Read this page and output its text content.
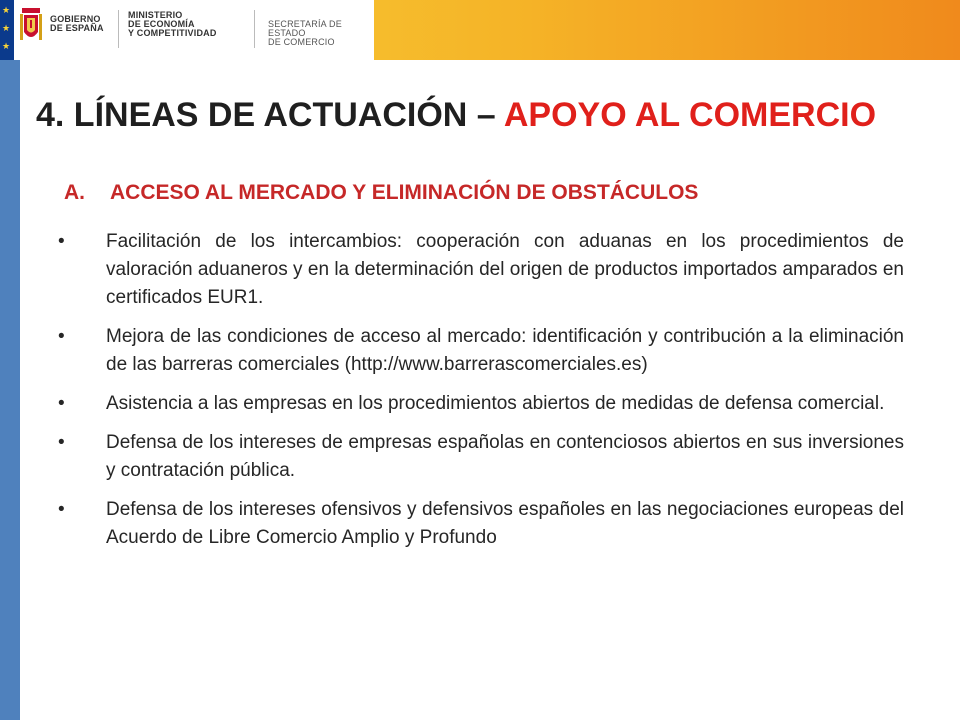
★
★
★
GOBIERNO
DE ESPAÑA
MINISTERIO
DE ECONOMÍA
Y COMPETITIVIDAD
SECRETARÍA DE ESTADO
DE COMERCIO
4. LÍNEAS DE ACTUACIÓN – APOYO AL COMERCIO
A. ACCESO AL MERCADO Y ELIMINACIÓN DE OBSTÁCULOS
• Facilitación de los intercambios: cooperación con aduanas en los procedimientos de valoración aduaneros y en la determinación del origen de productos importados amparados en certificados EUR1.
• Mejora de las condiciones de acceso al mercado: identificación y contribución a la eliminación de las barreras comerciales (http://www.barrerascomerciales.es)
• Asistencia a las empresas en los procedimientos abiertos de medidas de defensa comercial.
• Defensa de los intereses de empresas españolas en contenciosos abiertos en sus inversiones y contratación pública.
• Defensa de los intereses ofensivos y defensivos españoles en las negociaciones europeas del Acuerdo de Libre Comercio Amplio y Profundo
